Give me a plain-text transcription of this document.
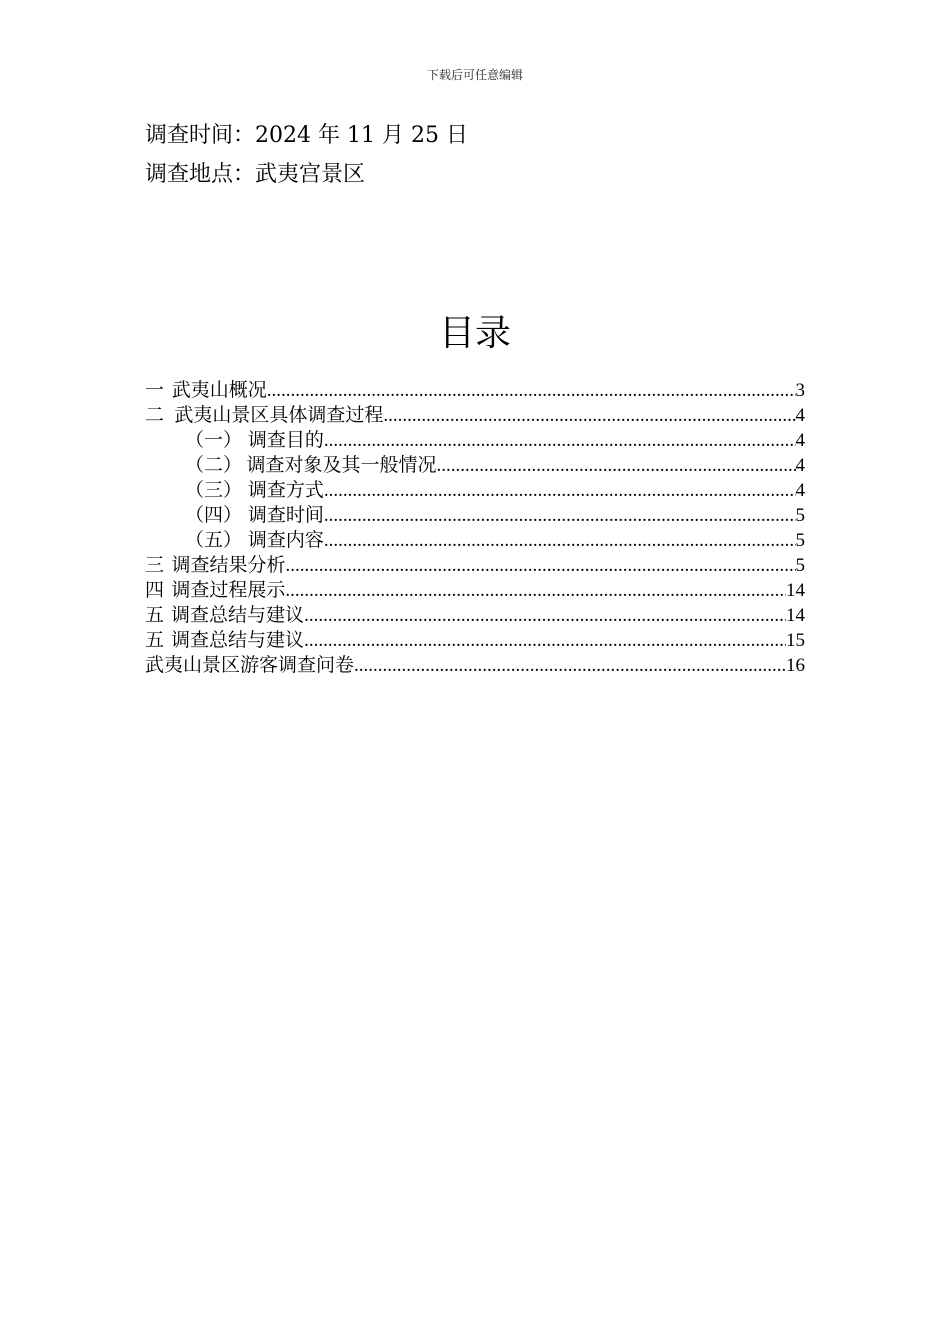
下载后可任意编辑
调查时间：2024 年 11 月 25 日
调查地点：武夷宫景区
目录
一 武夷山概况 .....	3
二 武夷山景区具体调查过程 .....	4
（一） 调查目的 .....	4
（二） 调查对象及其一般情况 .....	4
（三） 调查方式 .....	4
（四） 调查时间 .....	5
（五） 调查内容 .....	5
三 调查结果分析 .....	5
四 调查过程展示 .....	14
五 调查总结与建议 .....	14
五 调查总结与建议 .....	15
武夷山景区游客调查问卷 .....	16
